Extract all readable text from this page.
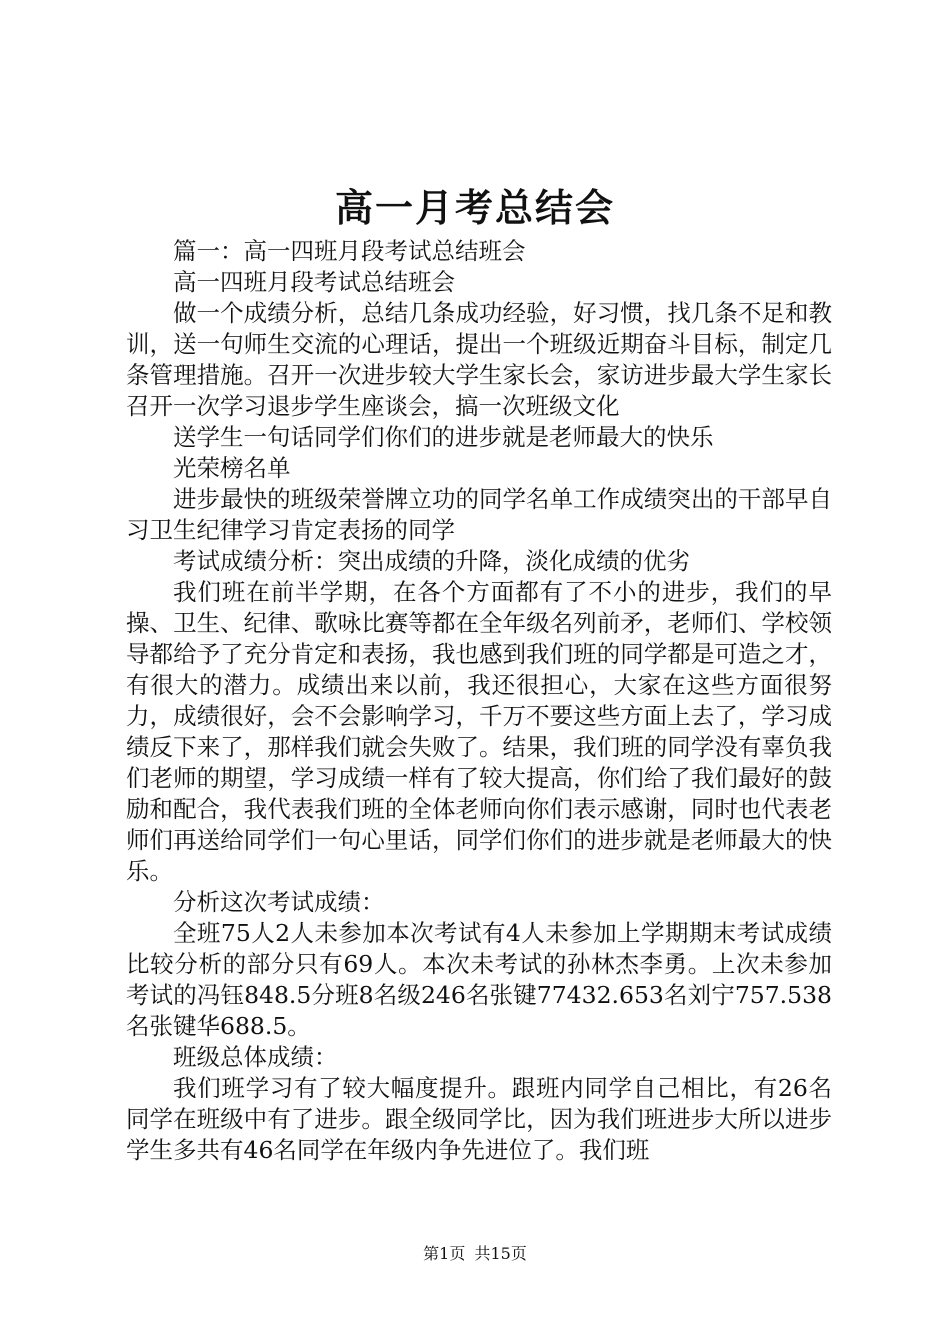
高一月考总结会

篇一：高一四班月段考试总结班会

高一四班月段考试总结班会

做一个成绩分析，总结几条成功经验，好习惯，找几条不足和教训，送一句师生交流的心理话，提出一个班级近期奋斗目标，制定几条管理措施。召开一次进步较大学生家长会，家访进步最大学生家长召开一次学习退步学生座谈会，搞一次班级文化

送学生一句话同学们你们的进步就是老师最大的快乐

光荣榜名单

进步最快的班级荣誉牌立功的同学名单工作成绩突出的干部早自习卫生纪律学习肯定表扬的同学

考试成绩分析：突出成绩的升降，淡化成绩的优劣

我们班在前半学期，在各个方面都有了不小的进步，我们的早操、卫生、纪律、歌咏比赛等都在全年级名列前矛，老师们、学校领导都给予了充分肯定和表扬，我也感到我们班的同学都是可造之才，有很大的潜力。成绩出来以前，我还很担心，大家在这些方面很努力，成绩很好，会不会影响学习，千万不要这些方面上去了，学习成绩反下来了，那样我们就会失败了。结果，我们班的同学没有辜负我们老师的期望，学习成绩一样有了较大提高，你们给了我们最好的鼓励和配合，我代表我们班的全体老师向你们表示感谢，同时也代表老师们再送给同学们一句心里话，同学们你们的进步就是老师最大的快乐。

分析这次考试成绩：

全班75人2人未参加本次考试有4人未参加上学期期末考试成绩比较分析的部分只有69人。本次未考试的孙林杰李勇。上次未参加考试的冯钰848.5分班8名级246名张键77432.653名刘宁757.538名张键华688.5。

班级总体成绩：

我们班学习有了较大幅度提升。跟班内同学自己相比，有26名同学在班级中有了进步。跟全级同学比，因为我们班进步大所以进步学生多共有46名同学在年级内争先进位了。我们班

第1页 共15页
